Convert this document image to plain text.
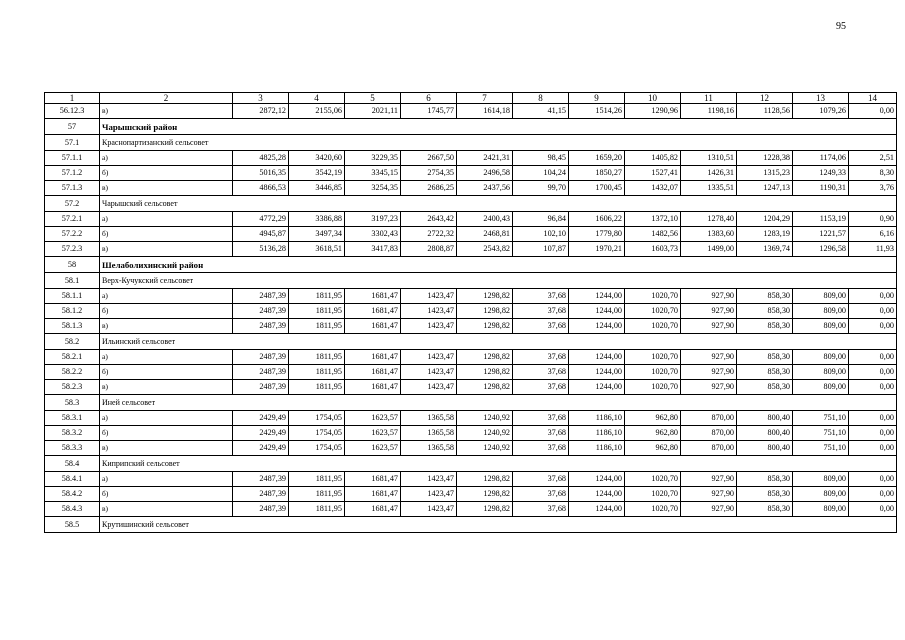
95
1	2	3	4	5	6	7	8	9	10	11	12	13	14
56.12.3	в)	2872,12	2155,06	2021,11	1745,77	1614,18	41,15	1514,26	1290,96	1198,16	1128,56	1079,26	0,00
57	Чарышский район												
57.1	Краснопартизанский сельсовет												
57.1.1	а)	4825,28	3420,60	3229,35	2667,50	2421,31	98,45	1659,20	1405,82	1310,51	1228,38	1174,06	2,51
57.1.2	б)	5016,35	3542,19	3345,15	2754,35	2496,58	104,24	1850,27	1527,41	1426,31	1315,23	1249,33	8,30
57.1.3	в)	4866,53	3446,85	3254,35	2686,25	2437,56	99,70	1700,45	1432,07	1335,51	1247,13	1190,31	3,76
57.2	Чарышский сельсовет												
57.2.1	а)	4772,29	3386,88	3197,23	2643,42	2400,43	96,84	1606,22	1372,10	1278,40	1204,29	1153,19	0,90
57.2.2	б)	4945,87	3497,34	3302,43	2722,32	2468,81	102,10	1779,80	1482,56	1383,60	1283,19	1221,57	6,16
57.2.3	в)	5136,28	3618,51	3417,83	2808,87	2543,82	107,87	1970,21	1603,73	1499,00	1369,74	1296,58	11,93
58	Шелаболихинский район												
58.1	Верх-Кучукский сельсовет												
58.1.1	а)	2487,39	1811,95	1681,47	1423,47	1298,82	37,68	1244,00	1020,70	927,90	858,30	809,00	0,00
58.1.2	б)	2487,39	1811,95	1681,47	1423,47	1298,82	37,68	1244,00	1020,70	927,90	858,30	809,00	0,00
58.1.3	в)	2487,39	1811,95	1681,47	1423,47	1298,82	37,68	1244,00	1020,70	927,90	858,30	809,00	0,00
58.2	Ильинский сельсовет												
58.2.1	а)	2487,39	1811,95	1681,47	1423,47	1298,82	37,68	1244,00	1020,70	927,90	858,30	809,00	0,00
58.2.2	б)	2487,39	1811,95	1681,47	1423,47	1298,82	37,68	1244,00	1020,70	927,90	858,30	809,00	0,00
58.2.3	в)	2487,39	1811,95	1681,47	1423,47	1298,82	37,68	1244,00	1020,70	927,90	858,30	809,00	0,00
58.3	Иней сельсовет												
58.3.1	а)	2429,49	1754,05	1623,57	1365,58	1240,92	37,68	1186,10	962,80	870,00	800,40	751,10	0,00
58.3.2	б)	2429,49	1754,05	1623,57	1365,58	1240,92	37,68	1186,10	962,80	870,00	800,40	751,10	0,00
58.3.3	в)	2429,49	1754,05	1623,57	1365,58	1240,92	37,68	1186,10	962,80	870,00	800,40	751,10	0,00
58.4	Киприпский сельсовет												
58.4.1	а)	2487,39	1811,95	1681,47	1423,47	1298,82	37,68	1244,00	1020,70	927,90	858,30	809,00	0,00
58.4.2	б)	2487,39	1811,95	1681,47	1423,47	1298,82	37,68	1244,00	1020,70	927,90	858,30	809,00	0,00
58.4.3	в)	2487,39	1811,95	1681,47	1423,47	1298,82	37,68	1244,00	1020,70	927,90	858,30	809,00	0,00
58.5	Крутишинский сельсовет												
